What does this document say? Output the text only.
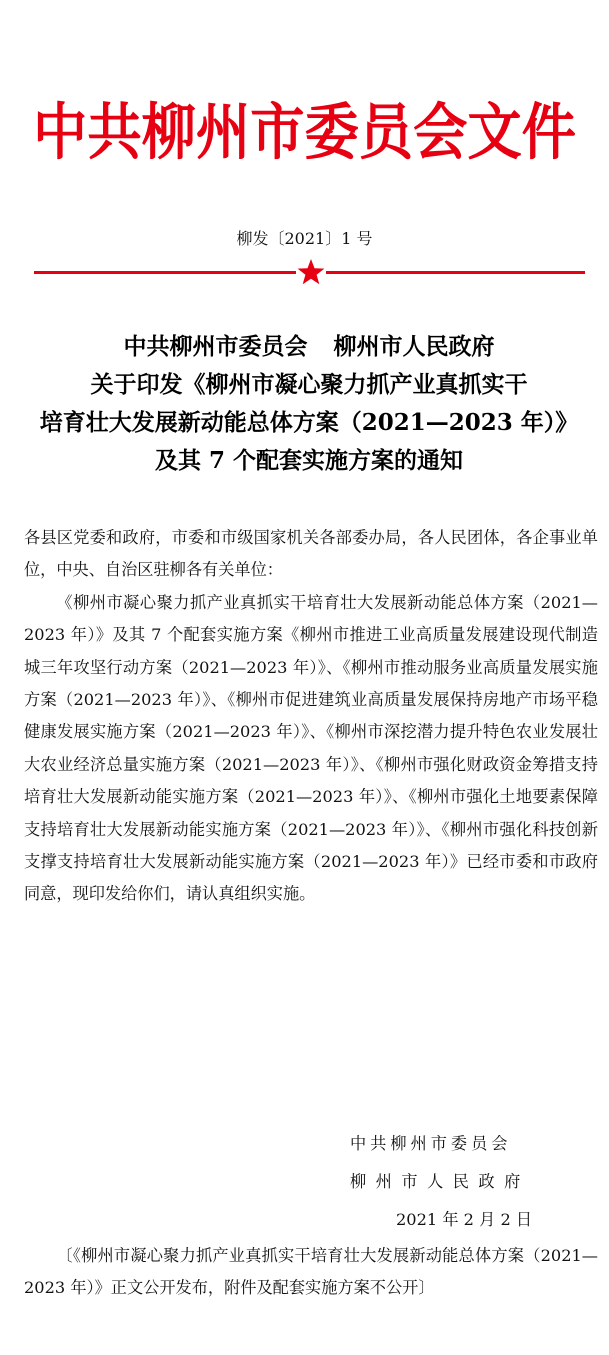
中共柳州市委员会文件
柳发〔2021〕1 号
中共柳州市委员会 柳州市人民政府
关于印发《柳州市凝心聚力抓产业真抓实干
培育壮大发展新动能总体方案（2021—2023 年）》
及其 7 个配套实施方案的通知

各县区党委和政府，市委和市级国家机关各部委办局，各人民团体，各企事业单位，中央、自治区驻柳各有关单位：

《柳州市凝心聚力抓产业真抓实干培育壮大发展新动能总体方案（2021—2023 年）》及其 7 个配套实施方案《柳州市推进工业高质量发展建设现代制造城三年攻坚行动方案（2021—2023 年）》、《柳州市推动服务业高质量发展实施方案（2021—2023 年）》、《柳州市促进建筑业高质量发展保持房地产市场平稳健康发展实施方案（2021—2023 年）》、《柳州市深挖潜力提升特色农业发展壮大农业经济总量实施方案（2021—2023 年）》、《柳州市强化财政资金筹措支持培育壮大发展新动能实施方案（2021—2023 年）》、《柳州市强化土地要素保障支持培育壮大发展新动能实施方案（2021—2023 年）》、《柳州市强化科技创新支撑支持培育壮大发展新动能实施方案（2021—2023 年）》已经市委和市政府同意，现印发给你们，请认真组织实施。

中共柳州市委员会
柳州市人民政府
2021 年 2 月 2 日
〔《柳州市凝心聚力抓产业真抓实干培育壮大发展新动能总体方案（2021—2023 年）》正文公开发布，附件及配套实施方案不公开〕
